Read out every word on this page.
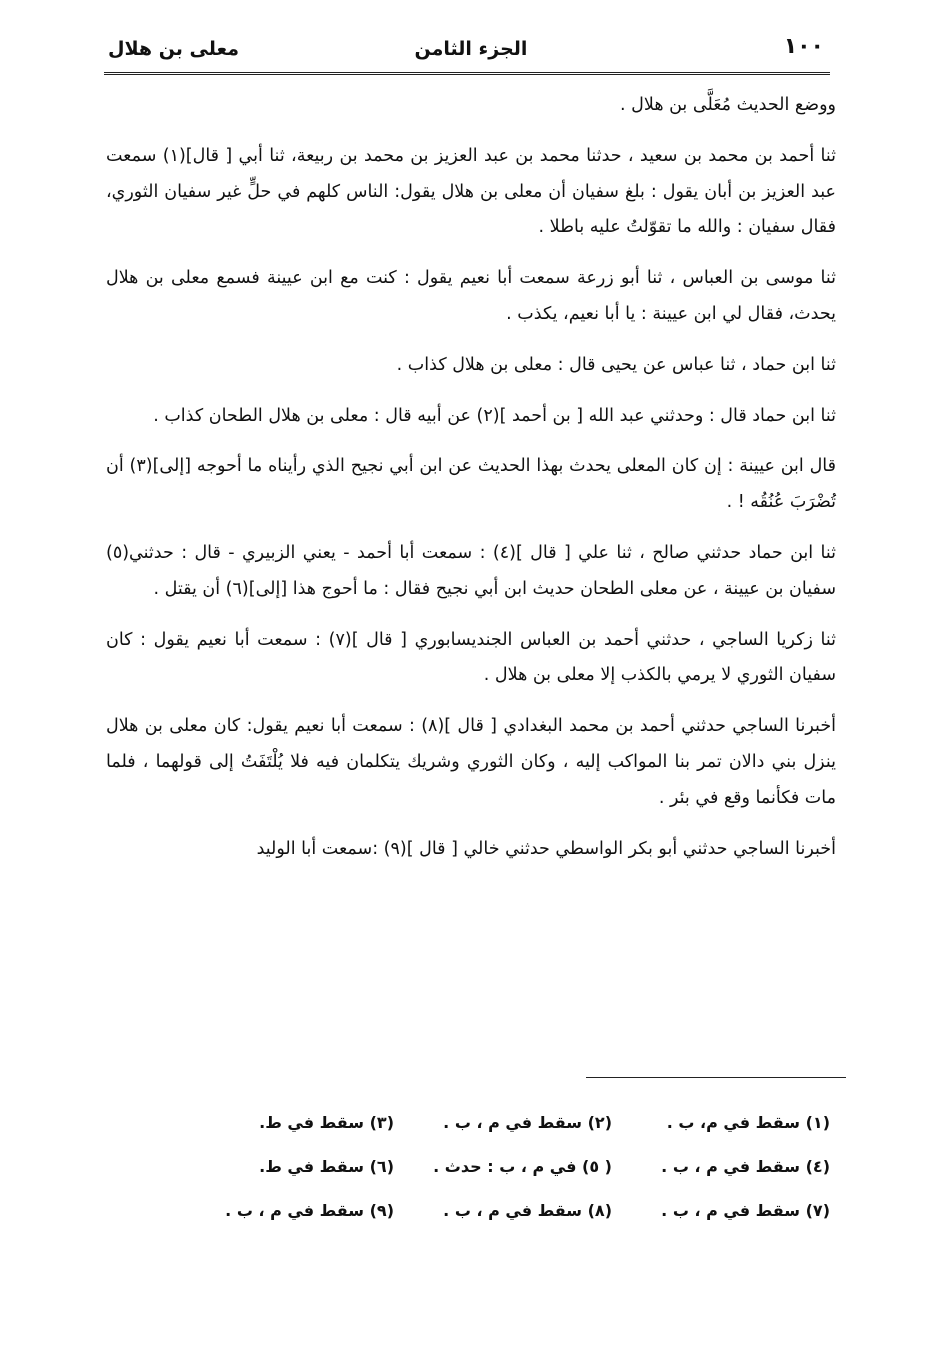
١٠٠
الجزء الثامن
معلى بن هلال

ووضع الحديث مُعَلَّى بن هلال .

ثنا أحمد بن محمد بن سعيد ، حدثنا محمد بن عبد العزيز بن محمد بن ربيعة، ثنا أبي [ قال](١) سمعت عبد العزيز بن أبان يقول : بلغ سفيان أن معلى بن هلال يقول: الناس كلهم في حلٍّ غير سفيان الثوري، فقال سفيان : والله ما تقوّلتُ عليه باطلا .

ثنا موسى بن العباس ، ثنا أبو زرعة سمعت أبا نعيم يقول : كنت مع ابن عيينة فسمع معلى بن هلال يحدث، فقال لي ابن عيينة : يا أبا نعيم، يكذب .

ثنا ابن حماد ، ثنا عباس عن يحيى قال : معلى بن هلال كذاب .

ثنا ابن حماد قال : وحدثني عبد الله [ بن أحمد ](٢) عن أبيه قال : معلى بن هلال الطحان كذاب .

قال ابن عيينة : إن كان المعلى يحدث بهذا الحديث عن ابن أبي نجيح الذي رأيناه ما أحوجه [إلى](٣) أن تُضْرَبَ عُنُقُه ! .

ثنا ابن حماد حدثني صالح ، ثنا علي [ قال ](٤) : سمعت أبا أحمد - يعني الزبيري - قال : حدثني(٥) سفيان بن عيينة ، عن معلى الطحان حديث ابن أبي نجيح فقال : ما أحوج هذا [إلى](٦) أن يقتل .

ثنا زكريا الساجي ، حدثني أحمد بن العباس الجنديسابوري [ قال ](٧) : سمعت أبا نعيم يقول : كان سفيان الثوري لا يرمي بالكذب إلا معلى بن هلال .

أخبرنا الساجي حدثني أحمد بن محمد البغدادي [ قال ](٨) : سمعت أبا نعيم يقول: كان معلى بن هلال ينزل بني دالان تمر بنا المواكب إليه ، وكان الثوري وشريك يتكلمان فيه فلا يُلْتَفَتُ إلى قولهما ، فلما مات فكأنما وقع في بئر .

أخبرنا الساجي حدثني أبو بكر الواسطي حدثني خالي [ قال ](٩) :سمعت أبا الوليد

(١) سقط في م، ب .
(٢) سقط في م ، ب .
(٣) سقط في ط.
(٤) سقط في م ، ب .
( ٥) في م ، ب : حدث .
(٦) سقط في ط.
(٧) سقط في م ، ب .
(٨) سقط في م ، ب .
(٩) سقط في م ، ب .
